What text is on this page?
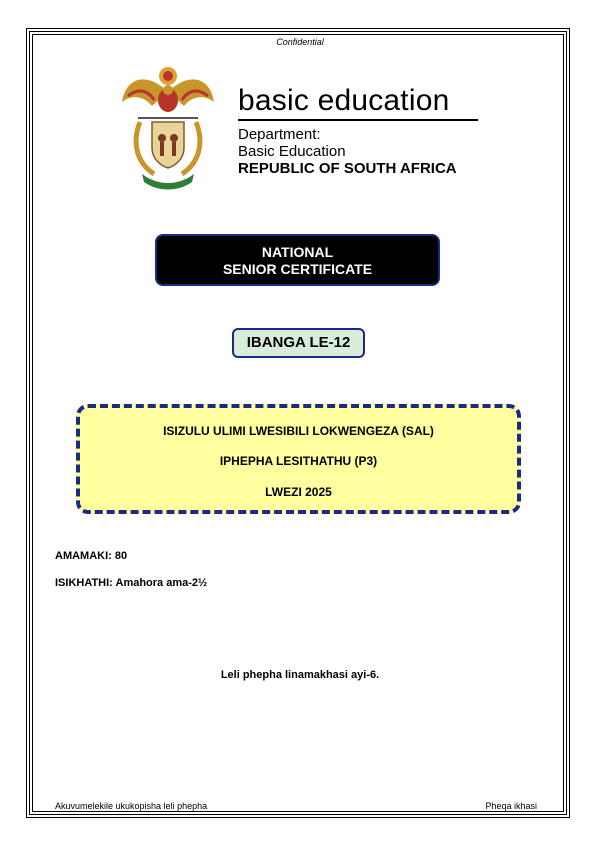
Confidential
basic education
Department:
Basic Education
REPUBLIC OF SOUTH AFRICA
NATIONAL
SENIOR CERTIFICATE
IBANGA LE-12
ISIZULU ULIMI LWESIBILI LOKWENGEZA (SAL)
IPHEPHA LESITHATHU (P3)
LWEZI 2025
AMAMAKI: 80
ISIKHATHI: Amahora ama-2½
Leli phepha linamakhasi ayi-6.
Akuvumelekile ukukopisha leli phepha	Pheqa ikhasi
